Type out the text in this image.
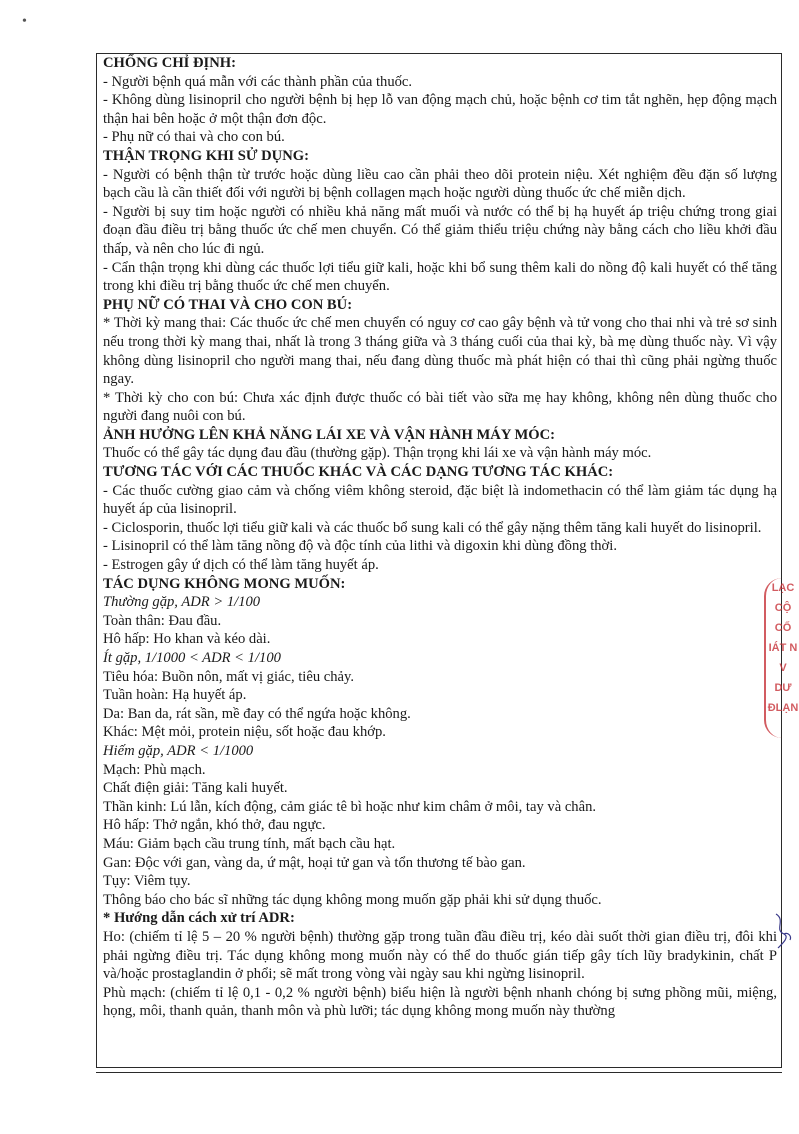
•

CHỐNG CHỈ ĐỊNH:

- Người bệnh quá mẫn với các thành phần của thuốc.

- Không dùng lisinopril cho người bệnh bị hẹp lỗ van động mạch chủ, hoặc bệnh cơ tim tắt nghẽn, hẹp động mạch thận hai bên hoặc ở một thận đơn độc.

- Phụ nữ có thai và cho con bú.

THẬN TRỌNG KHI SỬ DỤNG:

- Người có bệnh thận từ trước hoặc dùng liều cao cần phải theo dõi protein niệu. Xét nghiệm đều đặn số lượng bạch cầu là cần thiết đối với người bị bệnh collagen mạch hoặc người dùng thuốc ức chế miễn dịch.

- Người bị suy tim hoặc người có nhiều khả năng mất muối và nước có thể bị hạ huyết áp triệu chứng trong giai đoạn đầu điều trị bằng thuốc ức chế men chuyển. Có thể giảm thiểu triệu chứng này bằng cách cho liều khởi đầu thấp, và nên cho lúc đi ngủ.

- Cẩn thận trọng khi dùng các thuốc lợi tiểu giữ kali, hoặc khi bổ sung thêm kali do nồng độ kali huyết có thể tăng trong khi điều trị bằng thuốc ức chế men chuyển.

PHỤ NỮ CÓ THAI VÀ CHO CON BÚ:

* Thời kỳ mang thai: Các thuốc ức chế men chuyển có nguy cơ cao gây bệnh và tử vong cho thai nhi và trẻ sơ sinh nếu trong thời kỳ mang thai, nhất là trong 3 tháng giữa và 3 tháng cuối của thai kỳ, bà mẹ dùng thuốc này. Vì vậy không dùng lisinopril cho người mang thai, nếu đang dùng thuốc mà phát hiện có thai thì cũng phải ngừng thuốc ngay.

* Thời kỳ cho con bú: Chưa xác định được thuốc có bài tiết vào sữa mẹ hay không, không nên dùng thuốc cho người đang nuôi con bú.

ẢNH HƯỞNG LÊN KHẢ NĂNG LÁI XE VÀ VẬN HÀNH MÁY MÓC:

Thuốc có thể gây tác dụng đau đầu (thường gặp). Thận trọng khi lái xe và vận hành máy móc.

TƯƠNG TÁC VỚI CÁC THUỐC KHÁC VÀ CÁC DẠNG TƯƠNG TÁC KHÁC:

- Các thuốc cường giao cảm và chống viêm không steroid, đặc biệt là indomethacin có thể làm giảm tác dụng hạ huyết áp của lisinopril.

- Ciclosporin, thuốc lợi tiểu giữ kali và các thuốc bổ sung kali có thể gây nặng thêm tăng kali huyết do lisinopril.

- Lisinopril có thể làm tăng nồng độ và độc tính của lithi và digoxin khi dùng đồng thời.

- Estrogen gây ứ dịch có thể làm tăng huyết áp.

TÁC DỤNG KHÔNG MONG MUỐN:

Thường gặp, ADR > 1/100

Toàn thân: Đau đầu.

Hô hấp: Ho khan và kéo dài.

Ít gặp, 1/1000 < ADR < 1/100

Tiêu hóa: Buồn nôn, mất vị giác, tiêu chảy.

Tuần hoàn: Hạ huyết áp.

Da: Ban da, rát sần, mề đay có thể ngứa hoặc không.

Khác: Mệt mỏi, protein niệu, sốt hoặc đau khớp.

Hiếm gặp, ADR < 1/1000

Mạch: Phù mạch.

Chất điện giải: Tăng kali huyết.

Thần kinh: Lú lẫn, kích động, cảm giác tê bì hoặc như kim châm ở môi, tay và chân.

Hô hấp: Thở ngắn, khó thở, đau ngực.

Máu: Giảm bạch cầu trung tính, mất bạch cầu hạt.

Gan: Độc với gan, vàng da, ứ mật, hoại tử gan và tổn thương tế bào gan.

Tụy: Viêm tụy.

Thông báo cho bác sĩ những tác dụng không mong muốn gặp phải khi sử dụng thuốc.

* Hướng dẫn cách xử trí ADR:

Ho: (chiếm tỉ lệ 5 – 20 % người bệnh) thường gặp trong tuần đầu điều trị, kéo dài suốt thời gian điều trị, đôi khi phải ngừng điều trị. Tác dụng không mong muốn này có thể do thuốc gián tiếp gây tích lũy bradykinin, chất P và/hoặc prostaglandin ở phổi; sẽ mất trong vòng vài ngày sau khi ngừng lisinopril.

Phù mạch: (chiếm tỉ lệ 0,1 - 0,2 % người bệnh) biểu hiện là người bệnh nhanh chóng bị sưng phồng mũi, miệng, họng, môi, thanh quản, thanh môn và phù lưỡi; tác dụng không mong muốn này thường

LẠC
CỘ
CỔ
IÁT N
V
DƯ
ĐLẠN
